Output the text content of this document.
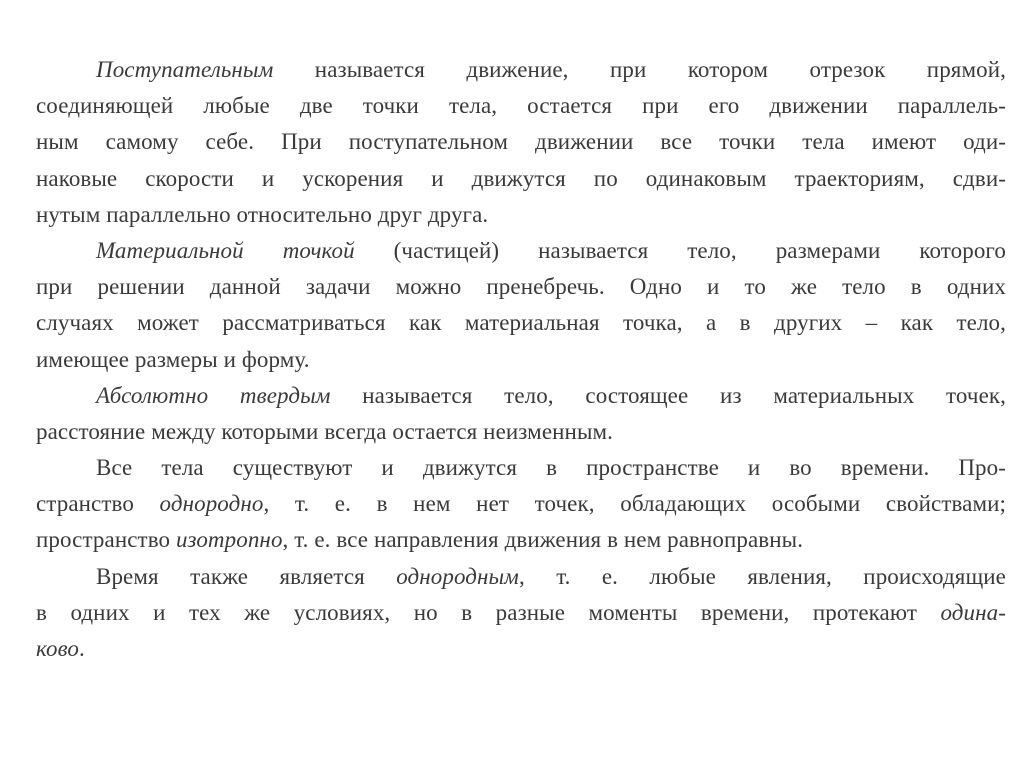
Поступательным называется движение, при котором отрезок прямой,
соединяющей любые две точки тела, остается при его движении параллель-
ным самому себе. При поступательном движении все точки тела имеют оди-
наковые скорости и ускорения и движутся по одинаковым траекториям, сдви-
нутым параллельно относительно друг друга.
Материальной точкой (частицей) называется тело, размерами которого
при решении данной задачи можно пренебречь. Одно и то же тело в одних
случаях может рассматриваться как материальная точка, а в других – как тело,
имеющее размеры и форму.
Абсолютно твердым называется тело, состоящее из материальных точек,
расстояние между которыми всегда остается неизменным.
Все тела существуют и движутся в пространстве и во времени. Про-
странство однородно, т. е. в нем нет точек, обладающих особыми свойствами;
пространство изотропно, т. е. все направления движения в нем равноправны.
Время также является однородным, т. е. любые явления, происходящие
в одних и тех же условиях, но в разные моменты времени, протекают одина-
ково.
